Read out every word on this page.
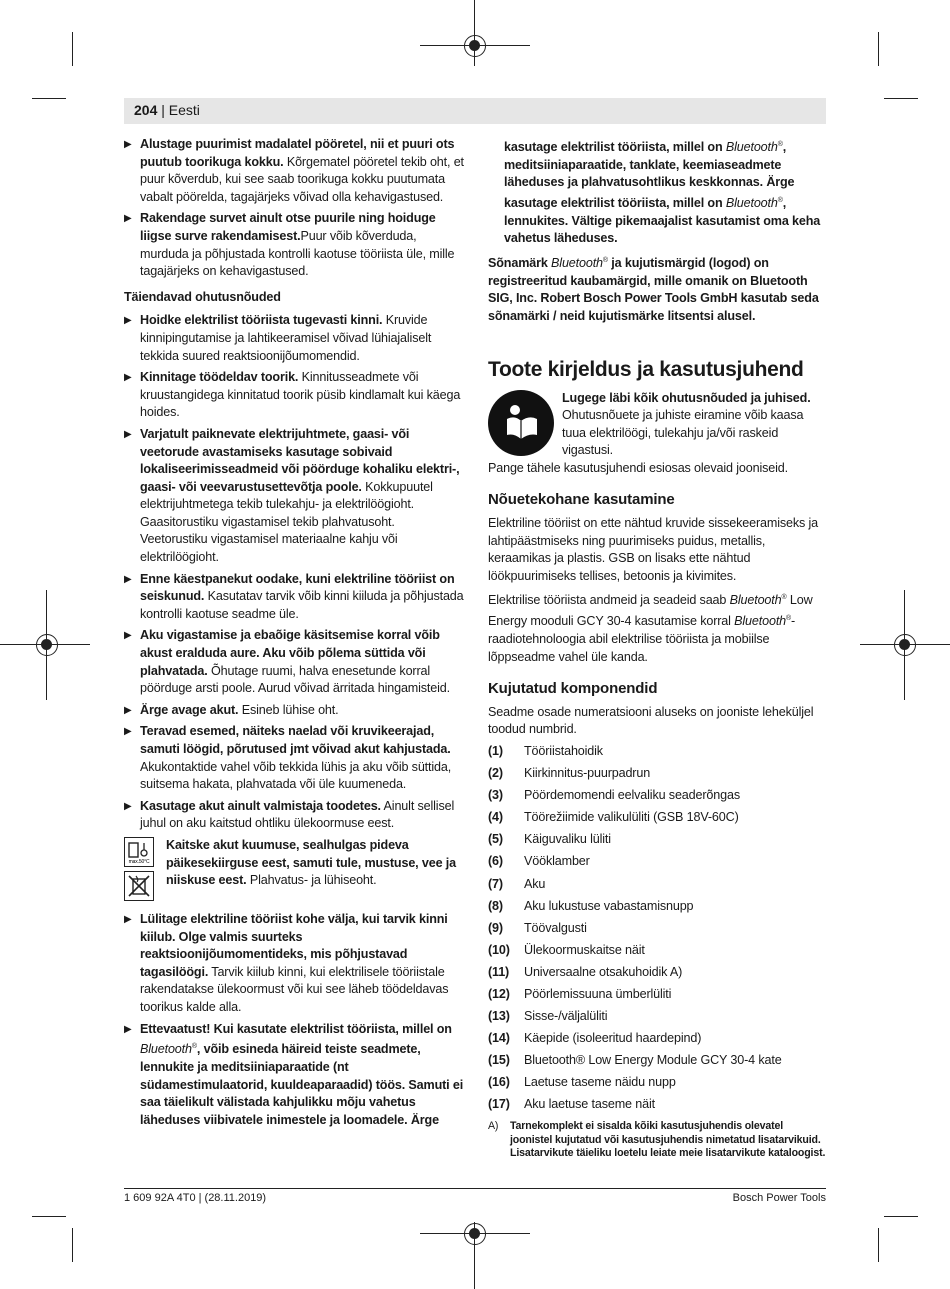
204 | Eesti
▶ Alustage puurimist madalatel pööretel, nii et puuri ots puutub toorikuga kokku. Kõrgematel pööretel tekib oht, et puur kõverdub, kui see saab toorikuga kokku puutumata vabalt pöörelda, tagajärjeks võivad olla kehavigastused.
▶ Rakendage survet ainult otse puurile ning hoiduge liigse surve rakendamisest.Puur võib kõverduda, murduda ja põhjustada kontrolli kaotuse tööriista üle, mille tagajärjeks on kehavigastused.
Täiendavad ohutusnõuded
▶ Hoidke elektrilist tööriista tugevasti kinni. Kruvide kinnipingutamise ja lahtikeeramisel võivad lühiajaliselt tekkida suured reaktsioonijõumomendid.
▶ Kinnitage töödeldav toorik. Kinnitusseadmete või kruustangidega kinnitatud toorik püsib kindlamalt kui käega hoides.
▶ Varjatult paiknevate elektrijuhtmete, gaasi- või veetorude avastamiseks kasutage sobivaid lokaliseerimisseadmeid või pöörduge kohaliku elektri-, gaasi- või veevarustusettevõtja poole. Kokkupuutel elektrijuhtmetega tekib tulekahju- ja elektrilöögioht. Gaasitorustiku vigastamisel tekib plahvatusoht. Veetorustiku vigastamisel materiaalne kahju või elektrilöögioht.
▶ Enne käestpanekut oodake, kuni elektriline tööriist on seiskunud. Kasutatav tarvik võib kinni kiiluda ja põhjustada kontrolli kaotuse seadme üle.
▶ Aku vigastamise ja ebaõige käsitsemise korral võib akust eralduda aure. Aku võib põlema süttida või plahvatada. Õhutage ruumi, halva enesetunde korral pöörduge arsti poole. Aurud võivad ärritada hingamisteid.
▶ Ärge avage akut. Esineb lühise oht.
▶ Teravad esemed, näiteks naelad või kruvikeerajad, samuti löögid, põrutused jmt võivad akut kahjustada. Akukontaktide vahel võib tekkida lühis ja aku võib süttida, suitsema hakata, plahvatada või üle kuumeneda.
▶ Kasutage akut ainult valmistaja toodetes. Ainult sellisel juhul on aku kaitstud ohtliku ülekoormuse eest.
max.50°C
Kaitske akut kuumuse, sealhulgas pideva päikesekiirguse eest, samuti tule, mustuse, vee ja niiskuse eest. Plahvatus- ja lühiseoht.
▶ Lülitage elektriline tööriist kohe välja, kui tarvik kinni kiilub. Olge valmis suurteks reaktsioonijõumomentideks, mis põhjustavad tagasilöögi. Tarvik kiilub kinni, kui elektrilisele tööriistale rakendatakse ülekoormust või kui see läheb töödeldavas toorikus kalde alla.
▶ Ettevaatust! Kui kasutate elektrilist tööriista, millel on Bluetooth®, võib esineda häireid teiste seadmete, lennukite ja meditsiiniaparaatide (nt südamestimulaatorid, kuuldeaparaadid) töös. Samuti ei saa täielikult välistada kahjulikku mõju vahetus läheduses viibivatele inimestele ja loomadele. Ärge
kasutage elektrilist tööriista, millel on Bluetooth®, meditsiiniaparaatide, tanklate, keemiaseadmete läheduses ja plahvatusohtlikus keskkonnas. Ärge kasutage elektrilist tööriista, millel on Bluetooth®, lennukites. Vältige pikemaajalist kasutamist oma keha vahetus läheduses.
Sõnamärk Bluetooth® ja kujutismärgid (logod) on registreeritud kaubamärgid, mille omanik on Bluetooth SIG, Inc. Robert Bosch Power Tools GmbH kasutab seda sõnamärki / neid kujutismärke litsentsi alusel.
Toote kirjeldus ja kasutusjuhend
Lugege läbi kõik ohutusnõuded ja juhised. Ohutusnõuete ja juhiste eiramine võib kaasa tuua elektrilöögi, tulekahju ja/või raskeid vigastusi.
Pange tähele kasutusjuhendi esiosas olevaid jooniseid.
Nõuetekohane kasutamine
Elektriline tööriist on ette nähtud kruvide sissekeeramiseks ja lahtipäästmiseks ning puurimiseks puidus, metallis, keraamikas ja plastis. GSB on lisaks ette nähtud löökpuurimiseks tellises, betoonis ja kivimites.
Elektrilise tööriista andmeid ja seadeid saab Bluetooth® Low Energy mooduli GCY 30-4 kasutamise korral Bluetooth®-raadiotehnoloogia abil elektrilise tööriista ja mobiilse lõppseadme vahel üle kanda.
Kujutatud komponendid
Seadme osade numeratsiooni aluseks on jooniste leheküljel toodud numbrid.
(1)	Tööriistahoidik
(2)	Kiirkinnitus-puurpadrun
(3)	Pöördemomendi eelvaliku seaderõngas
(4)	Töörežiimide valikulüliti (GSB 18V-60C)
(5)	Käiguvaliku lüliti
(6)	Vööklamber
(7)	Aku
(8)	Aku lukustuse vabastamisnupp
(9)	Töövalgusti
(10)	Ülekoormuskaitse näit
(11)	Universaalne otsakuhoidik A)
(12)	Pöörlemissuuna ümberlüliti
(13)	Sisse-/väljalüliti
(14)	Käepide (isoleeritud haardepind)
(15)	Bluetooth® Low Energy Module GCY 30-4 kate
(16)	Laetuse taseme näidu nupp
(17)	Aku laetuse taseme näit
A)	Tarnekomplekt ei sisalda kõiki kasutusjuhendis olevatel joonistel kujutatud või kasutusjuhendis nimetatud lisatarvikuid. Lisatarvikute täieliku loetelu leiate meie lisatarvikute kataloogist.
1 609 92A 4T0 | (28.11.2019)	Bosch Power Tools
